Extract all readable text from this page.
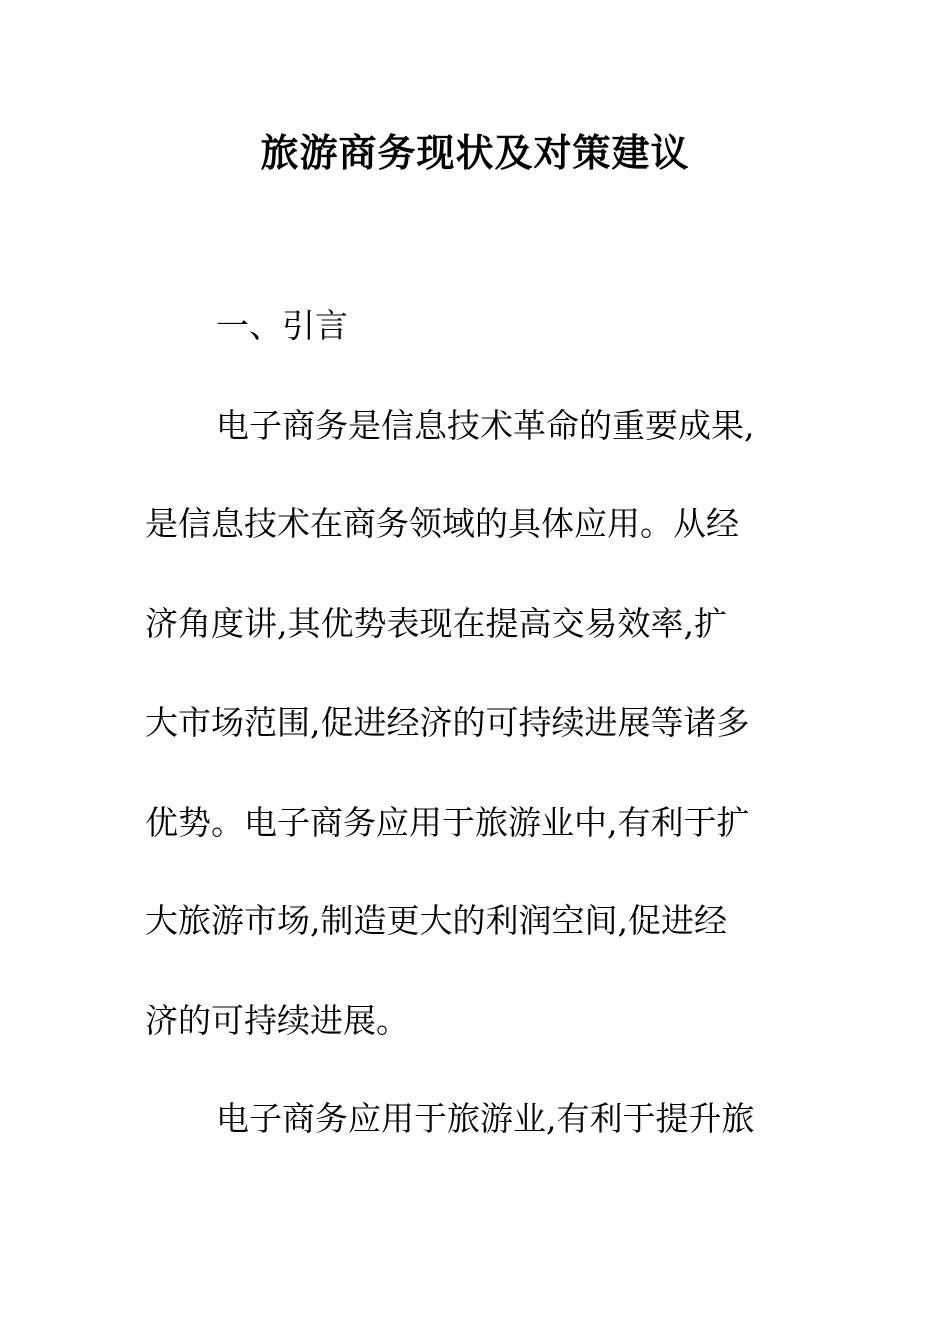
旅游商务现状及对策建议
一、引言
电子商务是信息技术革命的重要成果,
是信息技术在商务领域的具体应用。从经
济角度讲,其优势表现在提高交易效率,扩
大市场范围,促进经济的可持续进展等诸多
优势。电子商务应用于旅游业中,有利于扩
大旅游市场,制造更大的利润空间,促进经
济的可持续进展。
电子商务应用于旅游业,有利于提升旅
